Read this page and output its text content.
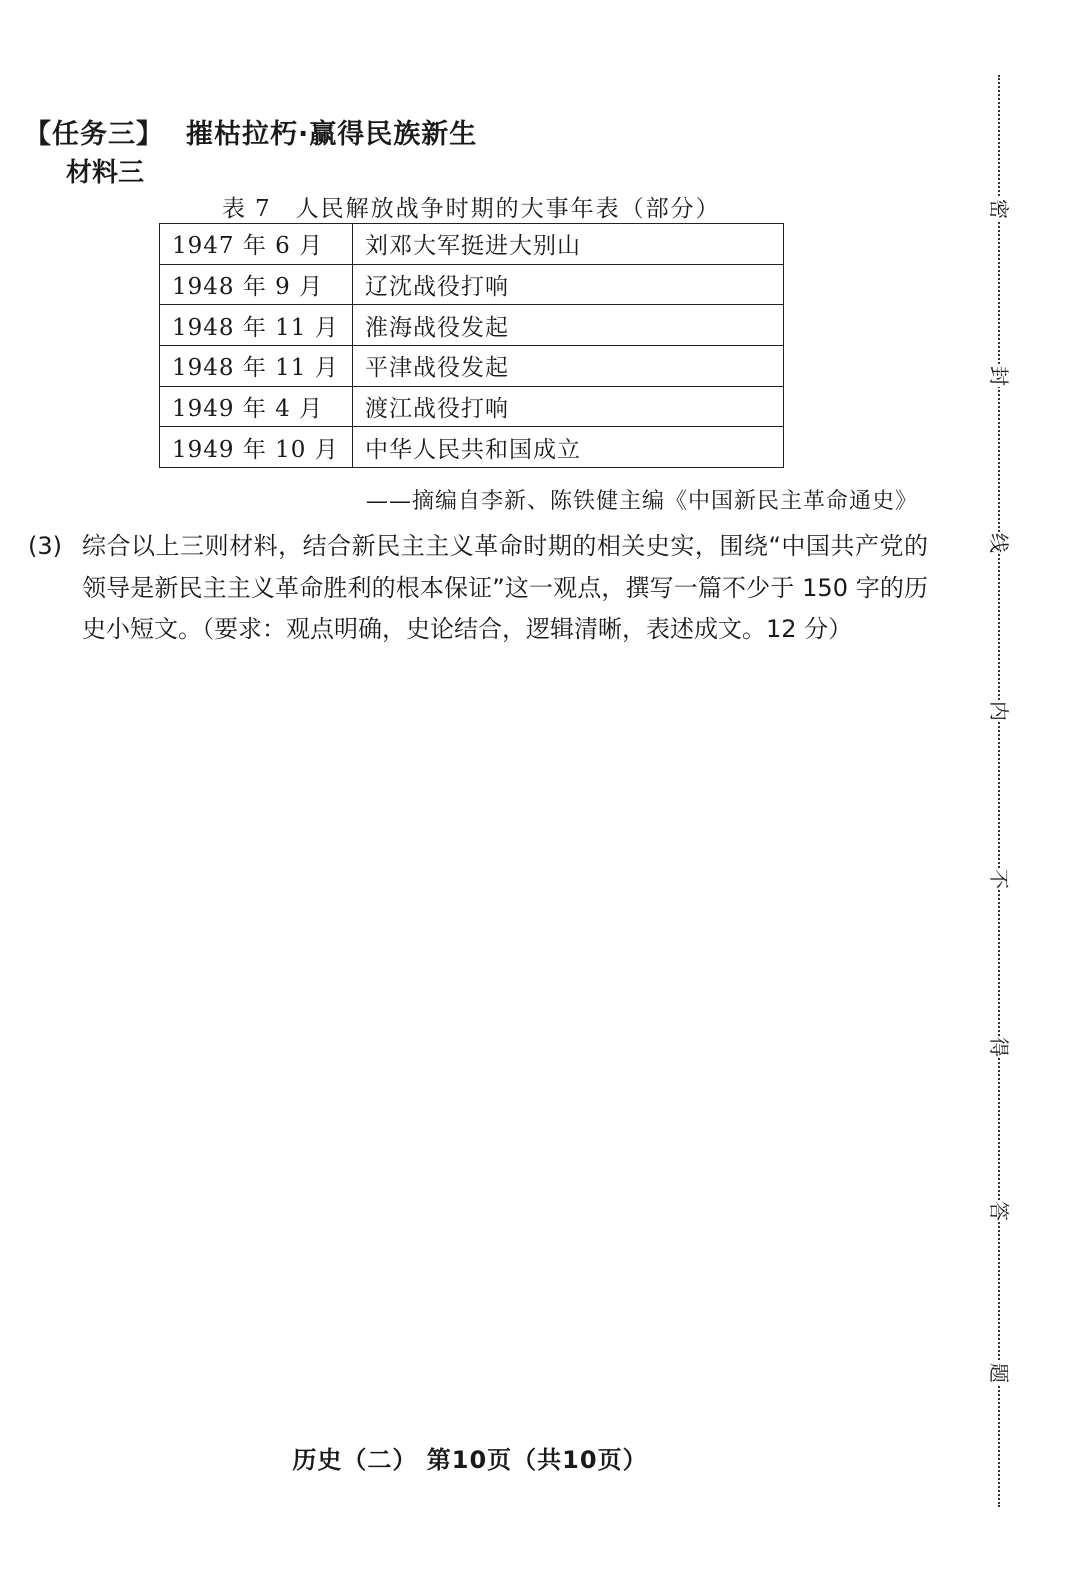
【任务三】 摧枯拉朽·赢得民族新生
材料三
表 7 人民解放战争时期的大事年表（部分）
1947 年 6 月	刘邓大军挺进大别山
1948 年 9 月	辽沈战役打响
1948 年 11 月	淮海战役发起
1948 年 11 月	平津战役发起
1949 年 4 月	渡江战役打响
1949 年 10 月	中华人民共和国成立
——摘编自李新、陈铁健主编《中国新民主革命通史》
(3) 综合以上三则材料，结合新民主主义革命时期的相关史实，围绕“中国共产党的领导是新民主主义革命胜利的根本保证”这一观点，撰写一篇不少于 150 字的历史小短文。（要求：观点明确，史论结合，逻辑清晰，表述成文。12 分）
历史（二） 第10页（共10页）
密
封
线
内
不
得
答
题
